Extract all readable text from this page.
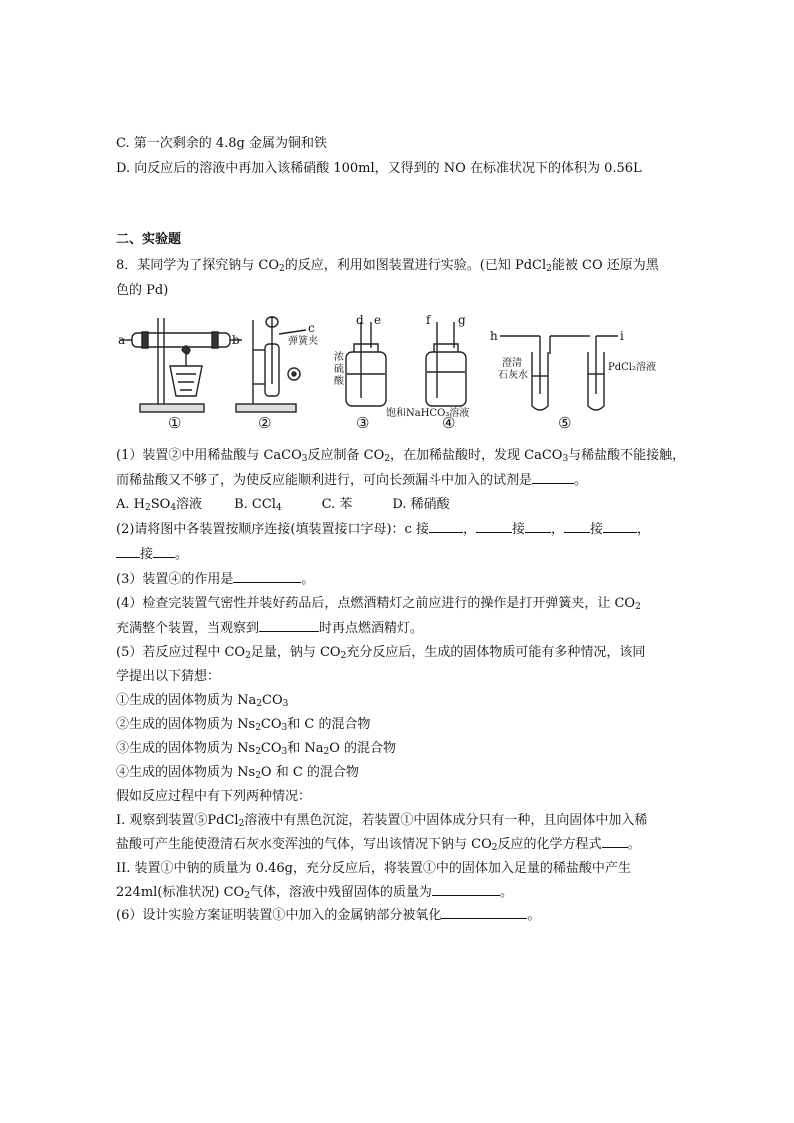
C. 第一次剩余的 4.8g 金属为铜和铁
D. 向反应后的溶液中再加入该稀硝酸 100ml，又得到的 NO 在标准状况下的体积为 0.56L
二、实验题
8．某同学为了探究钠与 $CO_2$的反应，利用如图装置进行实验。(已知 PdCl$_2$能被 CO 还原为黑
色的 Pd)
a	b
c
d e	f g
h	i
弹簧夹
浓
硫
酸
饱和NaHCO₃溶液
澄清
石灰水
PdCl₂溶液
①	②	③	④	⑤
(1）装置②中用稀盐酸与 CaCO$_3$反应制备 $CO_2$，在加稀盐酸时，发现 CaCO$_3$与稀盐酸不能接触，
而稀盐酸又不够了，为使反应能顺利进行，可向长颈漏斗中加入的试剂是	。
A. $H_2SO_4$溶液 B. CCl$_4$	C. 苯	D. 稀硝酸
(2)请将图中各装置按顺序连接(填装置接口字母)：c 接	，	接 ， 接	，
接 。
(3）装置④的作用是	。
(4）检查完装置气密性并装好药品后，点燃酒精灯之前应进行的操作是打开弹簧夹，让 $CO_2$
充满整个装置，当观察到	时再点燃酒精灯。
(5）若反应过程中 $CO_2$足量，钠与 $CO_2$充分反应后，生成的固体物质可能有多种情况，该同
学提出以下猜想：
①生成的固体物质为 $Na_2CO_3$
②生成的固体物质为 $Ns_2CO_3$和 C 的混合物
③生成的固体物质为 $Ns_2CO_3$和 $Na_2O$ 的混合物
④生成的固体物质为 $Ns_2O$ 和 C 的混合物
假如反应过程中有下列两种情况：
I. 观察到装置⑤PdCl$_2$溶液中有黑色沉淀，若装置①中固体成分只有一种，且向固体中加入稀
盐酸可产生能使澄清石灰水变浑浊的气体，写出该情况下钠与 $CO_2$反应的化学方程式 。
II. 装置①中钠的质量为 0.46g，充分反应后，将装置①中的固体加入足量的稀盐酸中产生
224ml(标准状况) $CO_2$气体，溶液中残留固体的质量为	。
(6）设计实验方案证明装置①中加入的金属钠部分被氧化	。
